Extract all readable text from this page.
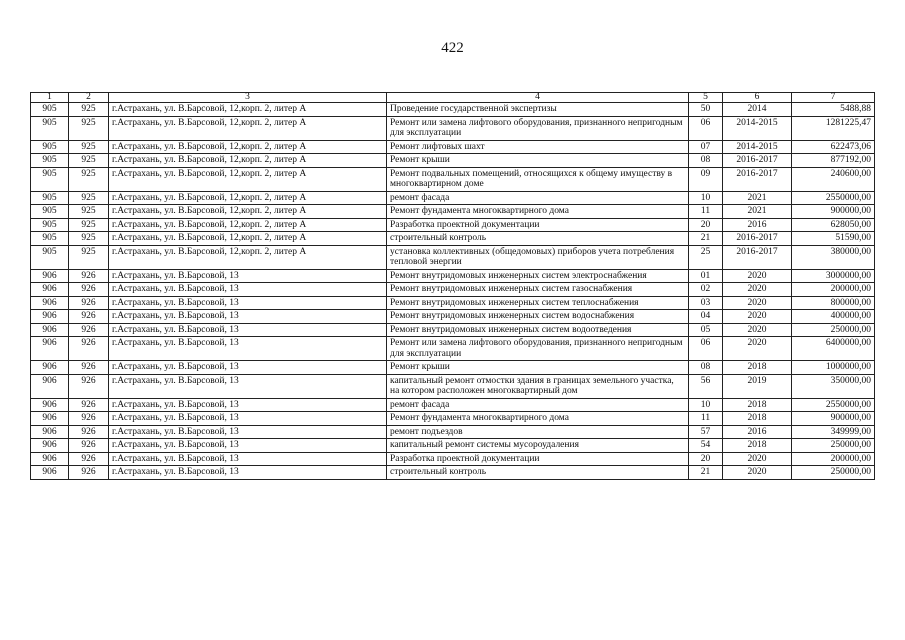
422
1	2	3	4	5	6	7
905	925	г.Астрахань, ул. В.Барсовой, 12,корп. 2, литер А	Проведение государственной экспертизы	50	2014	5488,88
905	925	г.Астрахань, ул. В.Барсовой, 12,корп. 2, литер А	Ремонт или замена лифтового оборудования, признанного непригодным для эксплуатации	06	2014-2015	1281225,47
905	925	г.Астрахань, ул. В.Барсовой, 12,корп. 2, литер А	Ремонт лифтовых шахт	07	2014-2015	622473,06
905	925	г.Астрахань, ул. В.Барсовой, 12,корп. 2, литер А	Ремонт крыши	08	2016-2017	877192,00
905	925	г.Астрахань, ул. В.Барсовой, 12,корп. 2, литер А	Ремонт подвальных помещений, относящихся к общему имуществу в многоквартирном доме	09	2016-2017	240600,00
905	925	г.Астрахань, ул. В.Барсовой, 12,корп. 2, литер А	ремонт фасада	10	2021	2550000,00
905	925	г.Астрахань, ул. В.Барсовой, 12,корп. 2, литер А	Ремонт фундамента многоквартирного дома	11	2021	900000,00
905	925	г.Астрахань, ул. В.Барсовой, 12,корп. 2, литер А	Разработка проектной документации	20	2016	628050,00
905	925	г.Астрахань, ул. В.Барсовой, 12,корп. 2, литер А	строительный контроль	21	2016-2017	51590,00
905	925	г.Астрахань, ул. В.Барсовой, 12,корп. 2, литер А	установка коллективных (общедомовых) приборов учета потребления тепловой энергии	25	2016-2017	380000,00
906	926	г.Астрахань, ул. В.Барсовой, 13	Ремонт внутридомовых инженерных систем электроснабжения	01	2020	3000000,00
906	926	г.Астрахань, ул. В.Барсовой, 13	Ремонт внутридомовых инженерных систем газоснабжения	02	2020	200000,00
906	926	г.Астрахань, ул. В.Барсовой, 13	Ремонт внутридомовых инженерных систем теплоснабжения	03	2020	800000,00
906	926	г.Астрахань, ул. В.Барсовой, 13	Ремонт внутридомовых инженерных систем водоснабжения	04	2020	400000,00
906	926	г.Астрахань, ул. В.Барсовой, 13	Ремонт внутридомовых инженерных систем водоотведения	05	2020	250000,00
906	926	г.Астрахань, ул. В.Барсовой, 13	Ремонт или замена лифтового оборудования, признанного непригодным для эксплуатации	06	2020	6400000,00
906	926	г.Астрахань, ул. В.Барсовой, 13	Ремонт крыши	08	2018	1000000,00
906	926	г.Астрахань, ул. В.Барсовой, 13	капитальный ремонт отмостки здания в границах земельного участка, на котором расположен многоквартирный дом	56	2019	350000,00
906	926	г.Астрахань, ул. В.Барсовой, 13	ремонт фасада	10	2018	2550000,00
906	926	г.Астрахань, ул. В.Барсовой, 13	Ремонт фундамента многоквартирного дома	11	2018	900000,00
906	926	г.Астрахань, ул. В.Барсовой, 13	ремонт подъездов	57	2016	349999,00
906	926	г.Астрахань, ул. В.Барсовой, 13	капитальный ремонт системы мусороудаления	54	2018	250000,00
906	926	г.Астрахань, ул. В.Барсовой, 13	Разработка проектной документации	20	2020	200000,00
906	926	г.Астрахань, ул. В.Барсовой, 13	строительный контроль	21	2020	250000,00
